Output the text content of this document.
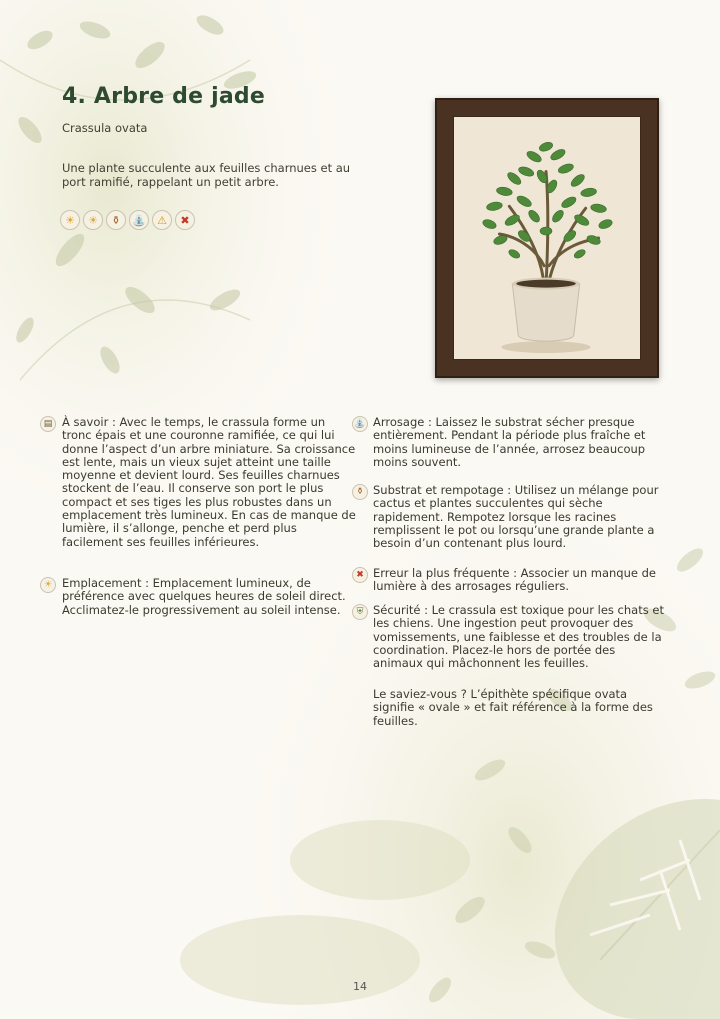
4. Arbre de jade
Crassula ovata
Une plante succulente aux feuilles charnues et au port ramifié, rappelant un petit arbre.
☀	☀	⚱	⛲	⚠	✖
▤ À savoir : Avec le temps, le crassula forme un tronc épais et une couronne ramifiée, ce qui lui donne l’aspect d’un arbre miniature. Sa croissance est lente, mais un vieux sujet atteint une taille moyenne et devient lourd. Ses feuilles charnues stockent de l’eau. Il conserve son port le plus compact et ses tiges les plus robustes dans un emplacement très lumineux. En cas de manque de lumière, il s’allonge, penche et perd plus facilement ses feuilles inférieures.
☀ Emplacement : Emplacement lumineux, de préférence avec quelques heures de soleil direct. Acclimatez-le progressivement au soleil intense.
⛲ Arrosage : Laissez le substrat sécher presque entièrement. Pendant la période plus fraîche et moins lumineuse de l’année, arrosez beaucoup moins souvent.
⚱ Substrat et rempotage : Utilisez un mélange pour cactus et plantes succulentes qui sèche rapidement. Rempotez lorsque les racines remplissent le pot ou lorsqu’une grande plante a besoin d’un contenant plus lourd.
✖ Erreur la plus fréquente : Associer un manque de lumière à des arrosages réguliers.
⛨ Sécurité : Le crassula est toxique pour les chats et les chiens. Une ingestion peut provoquer des vomissements, une faiblesse et des troubles de la coordination. Placez-le hors de portée des animaux qui mâchonnent les feuilles.
Le saviez-vous ? L’épithète spécifique ovata signifie « ovale » et fait référence à la forme des feuilles.
14
